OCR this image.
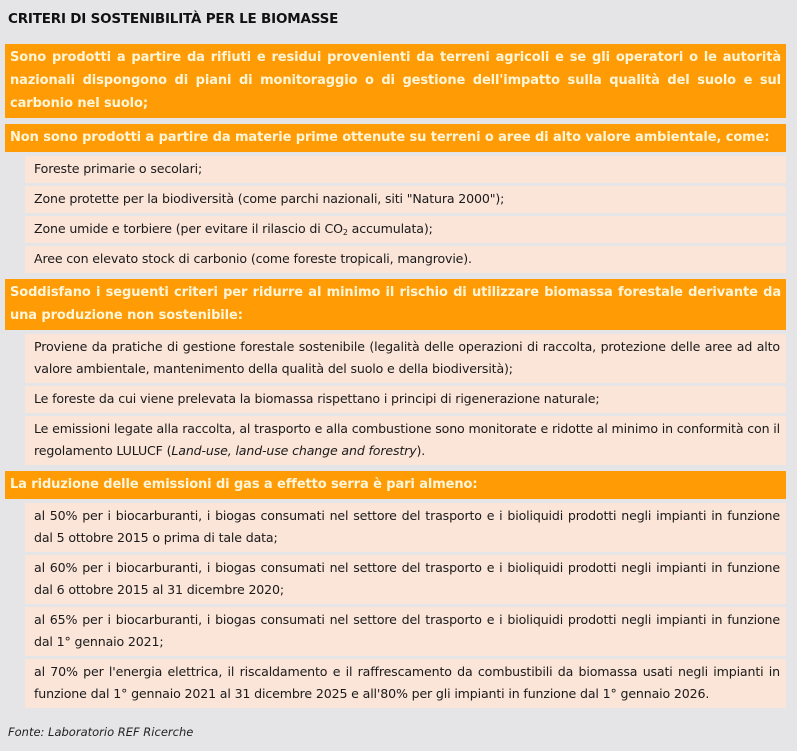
CRITERI DI SOSTENIBILITÀ PER LE BIOMASSE
Sono prodotti a partire da rifiuti e residui provenienti da terreni agricoli e se gli operatori o le autorità nazionali dispongono di piani di monitoraggio o di gestione dell'impatto sulla qualità del suolo e sul carbonio nel suolo;
Non sono prodotti a partire da materie prime ottenute su terreni o aree di alto valore ambientale, come:
Foreste primarie o secolari;
Zone protette per la biodiversità (come parchi nazionali, siti "Natura 2000");
Zone umide e torbiere (per evitare il rilascio di $CO_2$ accumulata);
Aree con elevato stock di carbonio (come foreste tropicali, mangrovie).
Soddisfano i seguenti criteri per ridurre al minimo il rischio di utilizzare biomassa forestale derivante da una produzione non sostenibile:
Proviene da pratiche di gestione forestale sostenibile (legalità delle operazioni di raccolta, protezione delle aree ad alto valore ambientale, mantenimento della qualità del suolo e della biodiversità);
Le foreste da cui viene prelevata la biomassa rispettano i principi di rigenerazione naturale;
Le emissioni legate alla raccolta, al trasporto e alla combustione sono monitorate e ridotte al minimo in conformità con il regolamento LULUCF (Land-use, land-use change and forestry).
La riduzione delle emissioni di gas a effetto serra è pari almeno:
al 50% per i biocarburanti, i biogas consumati nel settore del trasporto e i bioliquidi prodotti negli impianti in funzione dal 5 ottobre 2015 o prima di tale data;
al 60% per i biocarburanti, i biogas consumati nel settore del trasporto e i bioliquidi prodotti negli impianti in funzione dal 6 ottobre 2015 al 31 dicembre 2020;
al 65% per i biocarburanti, i biogas consumati nel settore del trasporto e i bioliquidi prodotti negli impianti in funzione dal 1° gennaio 2021;
al 70% per l'energia elettrica, il riscaldamento e il raffrescamento da combustibili da biomassa usati negli impianti in funzione dal 1° gennaio 2021 al 31 dicembre 2025 e all'80% per gli impianti in funzione dal 1° gennaio 2026.
Fonte: Laboratorio REF Ricerche
